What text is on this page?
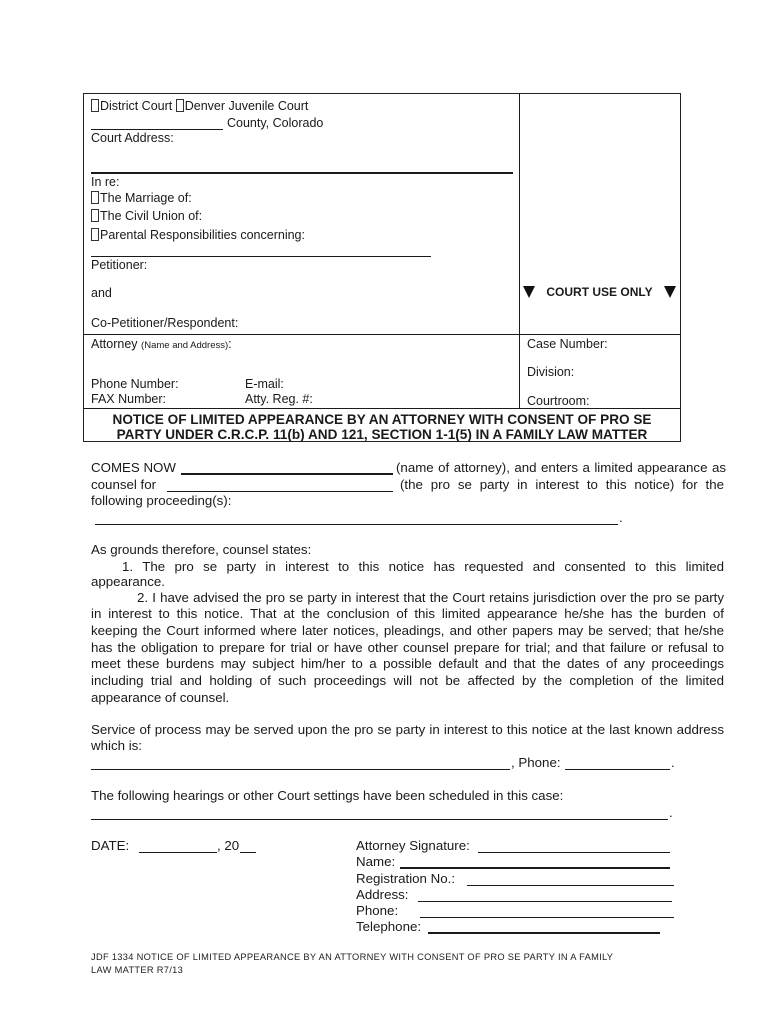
District Court Denver Juvenile Court
County, Colorado
Court Address:
In re:
The Marriage of:
The Civil Union of:
Parental Responsibilities concerning:
Petitioner:
and
Co-Petitioner/Respondent:
COURT USE ONLY
Attorney (Name and Address):
Phone Number:	E-mail:
FAX Number:	Atty. Reg. #:
Case Number:
Division:
Courtroom:
NOTICE OF LIMITED APPEARANCE BY AN ATTORNEY WITH CONSENT OF PRO SE
PARTY UNDER C.R.C.P. 11(b) AND 121, SECTION 1-1(5) IN A FAMILY LAW MATTER
COMES NOW	(name of attorney), and enters a limited appearance as
counsel for	(the pro se party in interest to this notice) for the
following proceeding(s):
.
As grounds therefore, counsel states:
1. The pro se party in interest to this notice has requested and consented to this limited
appearance.
2. I have advised the pro se party in interest that the Court retains jurisdiction over the pro se party
in interest to this notice. That at the conclusion of this limited appearance he/she has the burden of
keeping the Court informed where later notices, pleadings, and other papers may be served; that he/she
has the obligation to prepare for trial or have other counsel prepare for trial; and that failure or refusal to
meet these burdens may subject him/her to a possible default and that the dates of any proceedings
including trial and holding of such proceedings will not be affected by the completion of the limited
appearance of counsel.
Service of process may be served upon the pro se party in interest to this notice at the last known address
which is:
, Phone:	.
The following hearings or other Court settings have been scheduled in this case:
.
DATE:	, 20	Attorney Signature:
Name:
Registration No.:
Address:
Phone:
Telephone:
JDF 1334 NOTICE OF LIMITED APPEARANCE BY AN ATTORNEY WITH CONSENT OF PRO SE PARTY IN A FAMILY
LAW MATTER R7/13
